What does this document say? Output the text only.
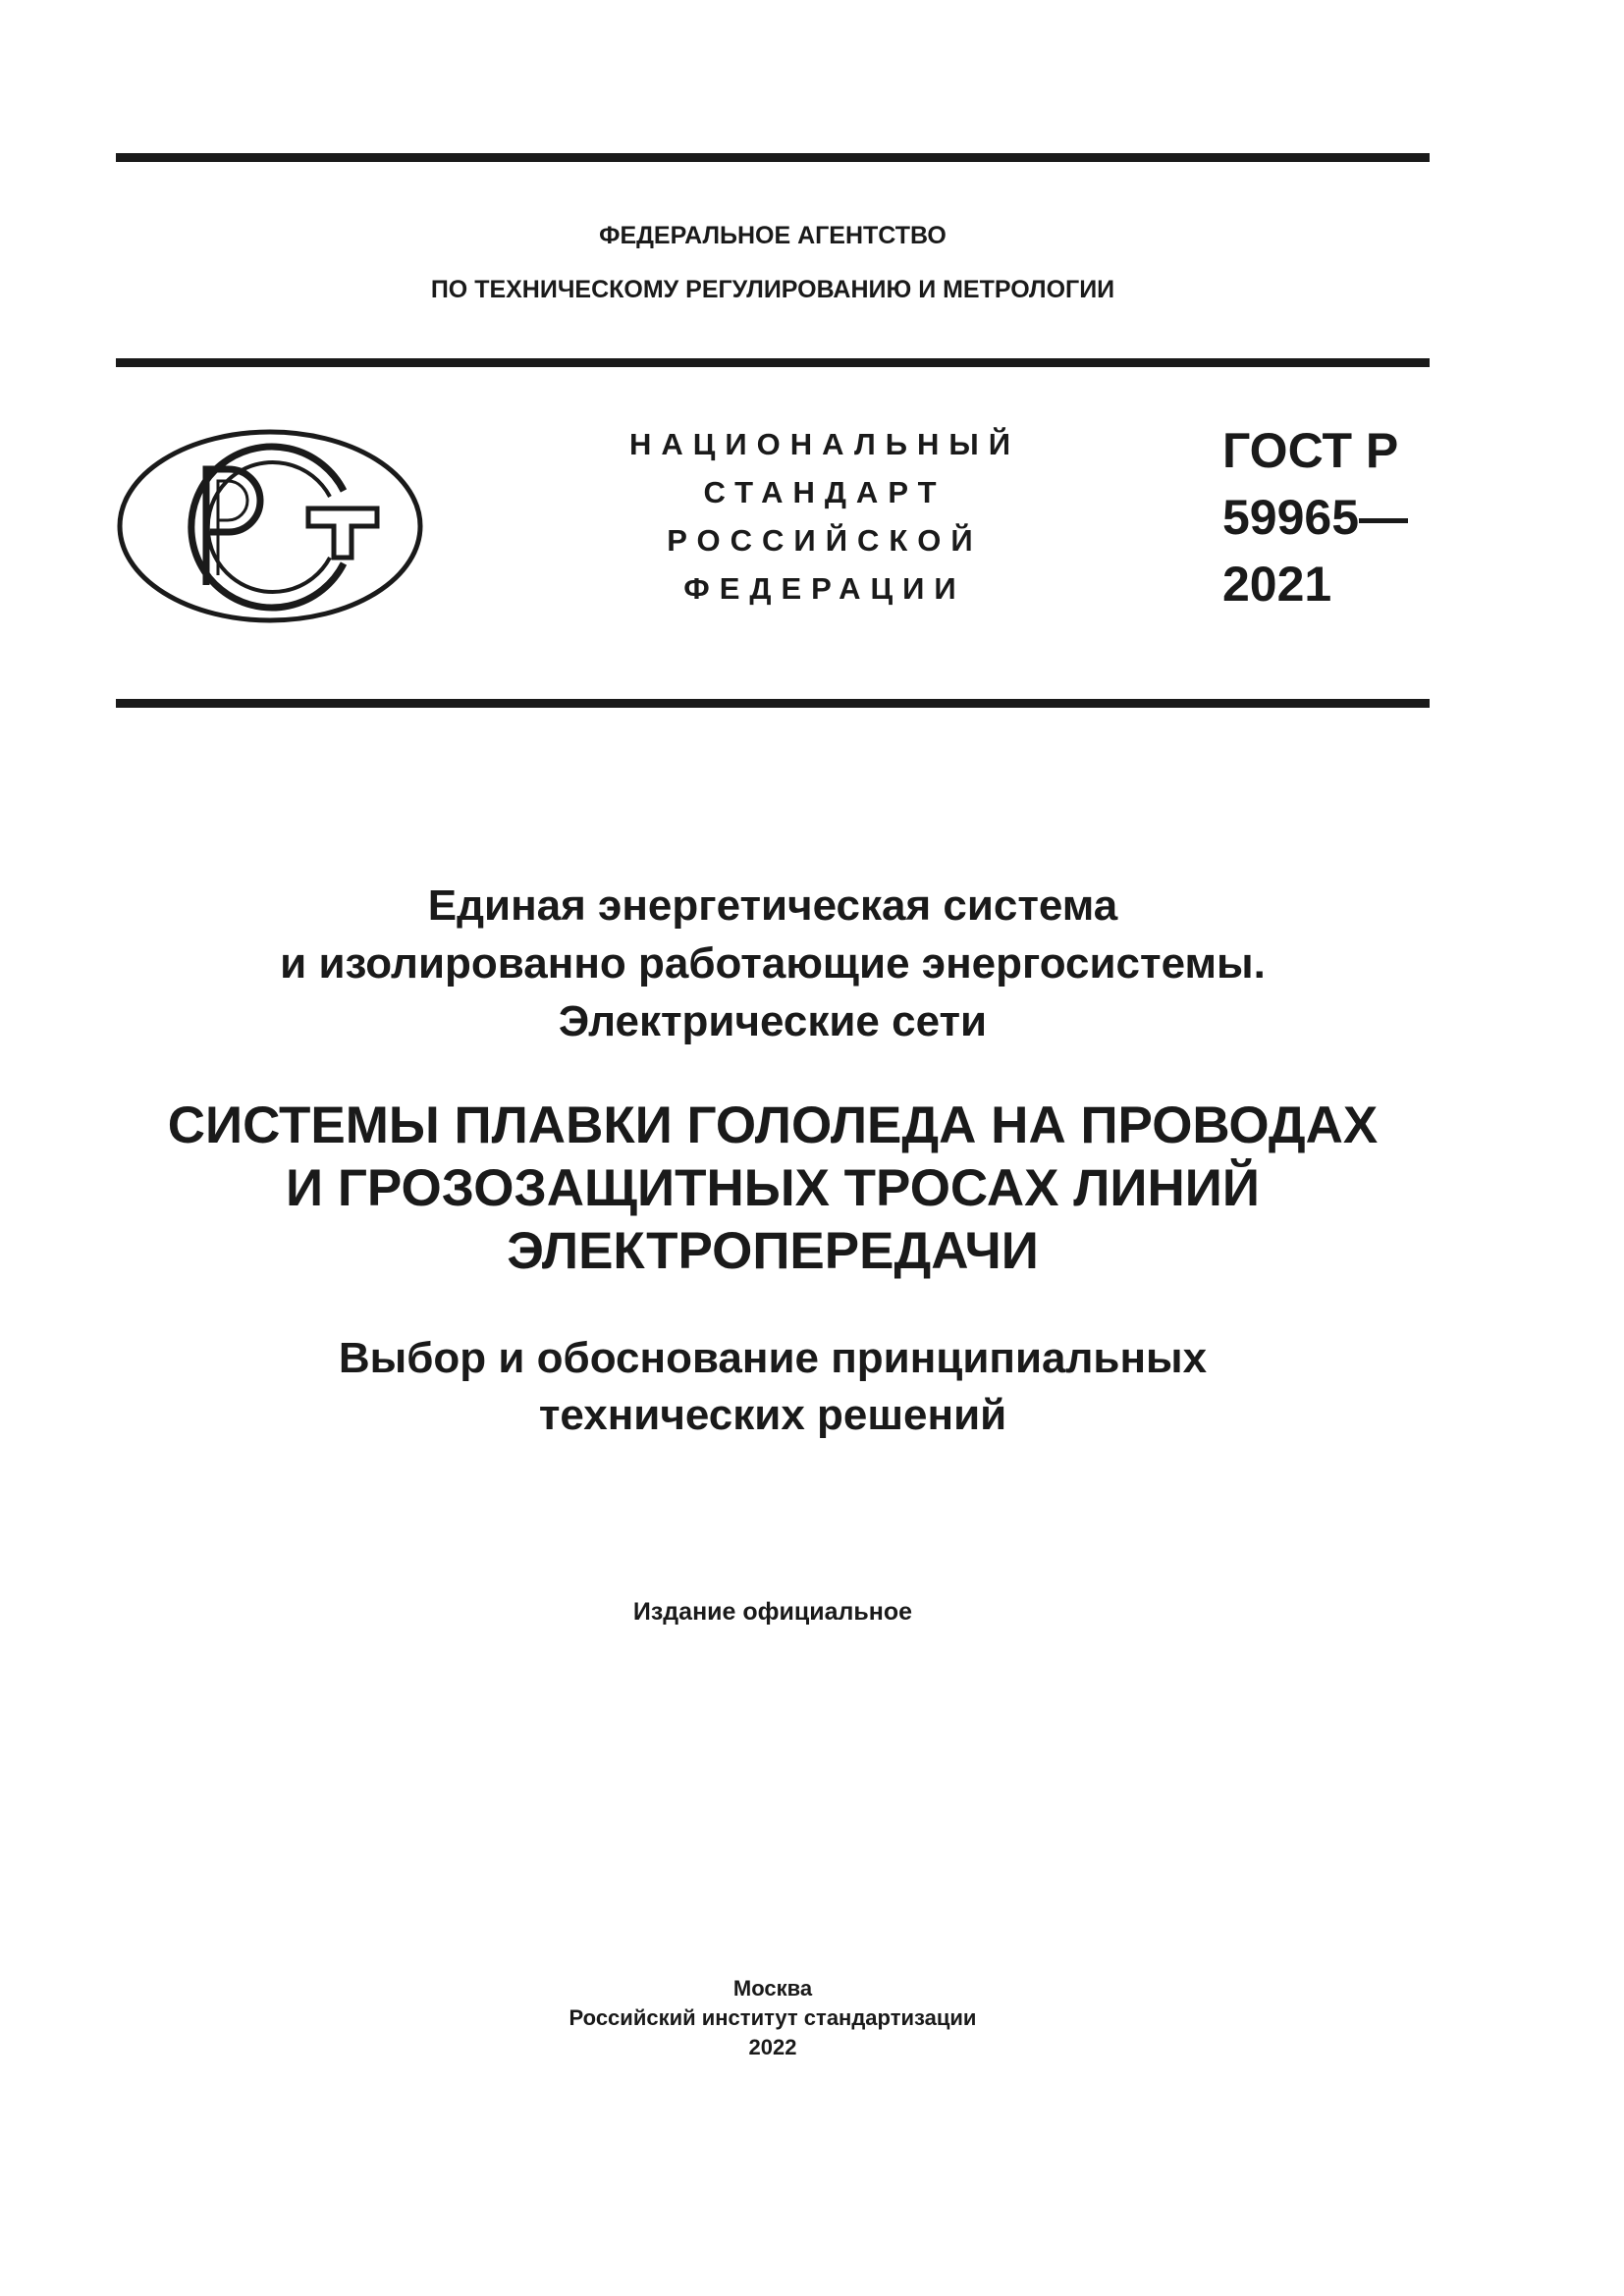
ФЕДЕРАЛЬНОЕ АГЕНТСТВО
ПО ТЕХНИЧЕСКОМУ РЕГУЛИРОВАНИЮ И МЕТРОЛОГИИ
НАЦИОНАЛЬНЫЙ
СТАНДАРТ
РОССИЙСКОЙ
ФЕДЕРАЦИИ
ГОСТ Р
59965—
2021
Единая энергетическая система
и изолированно работающие энергосистемы.
Электрические сети
СИСТЕМЫ ПЛАВКИ ГОЛОЛЕДА НА ПРОВОДАХ
И ГРОЗОЗАЩИТНЫХ ТРОСАХ ЛИНИЙ
ЭЛЕКТРОПЕРЕДАЧИ
Выбор и обоснование принципиальных
технических решений
Издание официальное
Москва
Российский институт стандартизации
2022
